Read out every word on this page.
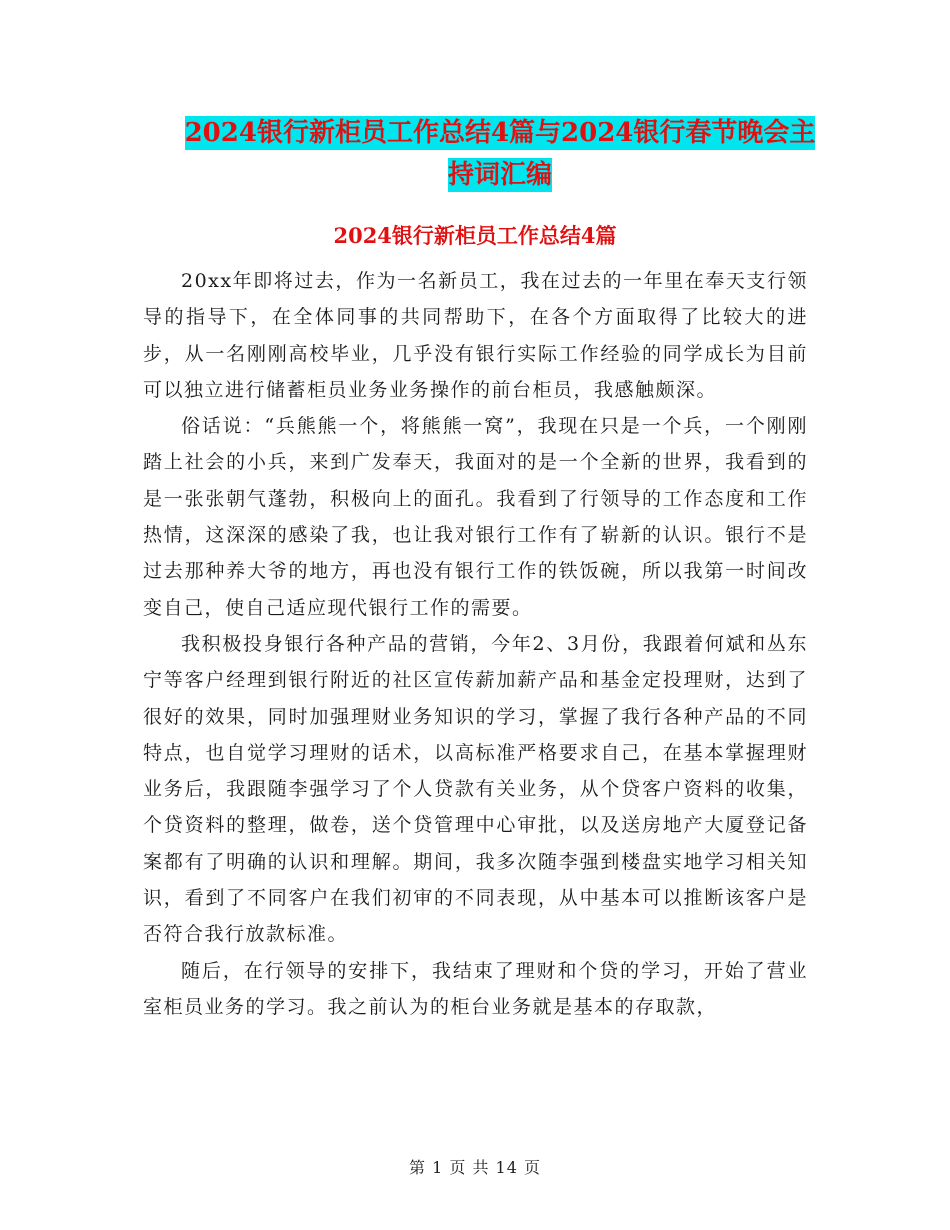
2024银行新柜员工作总结4篇与2024银行春节晚会主
持词汇编
2024银行新柜员工作总结4篇

20xx年即将过去，作为一名新员工，我在过去的一年里在奉天支行领导的指导下，在全体同事的共同帮助下，在各个方面取得了比较大的进步，从一名刚刚高校毕业，几乎没有银行实际工作经验的同学成长为目前可以独立进行储蓄柜员业务业务操作的前台柜员，我感触颇深。

俗话说：“兵熊熊一个，将熊熊一窝”，我现在只是一个兵，一个刚刚踏上社会的小兵，来到广发奉天，我面对的是一个全新的世界，我看到的是一张张朝气蓬勃，积极向上的面孔。我看到了行领导的工作态度和工作热情，这深深的感染了我，也让我对银行工作有了崭新的认识。银行不是过去那种养大爷的地方，再也没有银行工作的铁饭碗，所以我第一时间改变自己，使自己适应现代银行工作的需要。

我积极投身银行各种产品的营销，今年2、3月份，我跟着何斌和丛东宁等客户经理到银行附近的社区宣传薪加薪产品和基金定投理财，达到了很好的效果，同时加强理财业务知识的学习，掌握了我行各种产品的不同特点，也自觉学习理财的话术，以高标准严格要求自己，在基本掌握理财业务后，我跟随李强学习了个人贷款有关业务，从个贷客户资料的收集，个贷资料的整理，做卷，送个贷管理中心审批，以及送房地产大厦登记备案都有了明确的认识和理解。期间，我多次随李强到楼盘实地学习相关知识，看到了不同客户在我们初审的不同表现，从中基本可以推断该客户是否符合我行放款标准。

随后，在行领导的安排下，我结束了理财和个贷的学习，开始了营业室柜员业务的学习。我之前认为的柜台业务就是基本的存取款，

第 1 页 共 14 页
